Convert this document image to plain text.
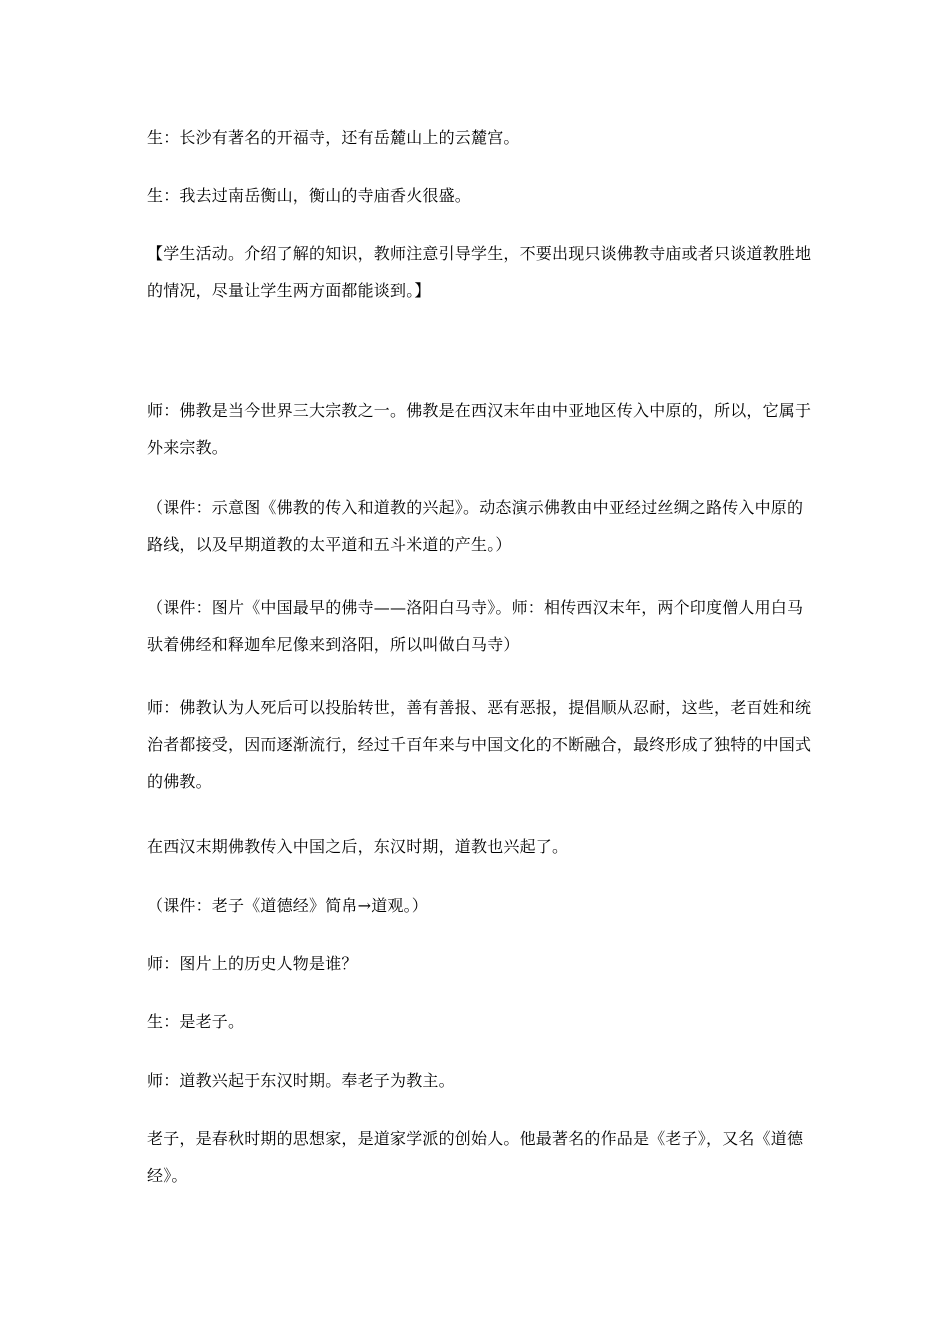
生：长沙有著名的开福寺，还有岳麓山上的云麓宫。

生：我去过南岳衡山，衡山的寺庙香火很盛。

【学生活动。介绍了解的知识，教师注意引导学生，不要出现只谈佛教寺庙或者只谈道教胜地的情况，尽量让学生两方面都能谈到。】

师：佛教是当今世界三大宗教之一。佛教是在西汉末年由中亚地区传入中原的，所以，它属于外来宗教。

（课件：示意图《佛教的传入和道教的兴起》。动态演示佛教由中亚经过丝绸之路传入中原的路线，以及早期道教的太平道和五斗米道的产生。）

（课件：图片《中国最早的佛寺——洛阳白马寺》。师：相传西汉末年，两个印度僧人用白马驮着佛经和释迦牟尼像来到洛阳，所以叫做白马寺）

师：佛教认为人死后可以投胎转世，善有善报、恶有恶报，提倡顺从忍耐，这些，老百姓和统治者都接受，因而逐渐流行，经过千百年来与中国文化的不断融合，最终形成了独特的中国式的佛教。

在西汉末期佛教传入中国之后，东汉时期，道教也兴起了。

（课件：老子《道德经》简帛→道观。）

师：图片上的历史人物是谁？

生：是老子。

师：道教兴起于东汉时期。奉老子为教主。

老子，是春秋时期的思想家，是道家学派的创始人。他最著名的作品是《老子》，又名《道德经》。
